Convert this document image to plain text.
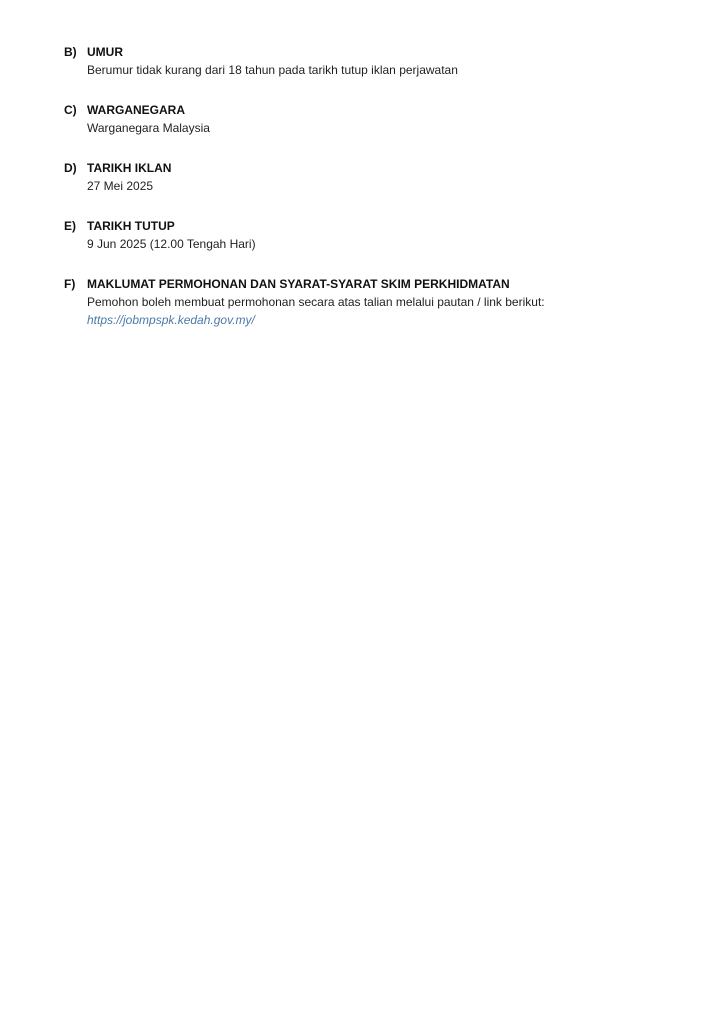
B) UMUR
Berumur tidak kurang dari 18 tahun pada tarikh tutup iklan perjawatan
C) WARGANEGARA
Warganegara Malaysia
D) TARIKH IKLAN
27 Mei 2025
E) TARIKH TUTUP
9 Jun 2025 (12.00 Tengah Hari)
F) MAKLUMAT PERMOHONAN DAN SYARAT-SYARAT SKIM PERKHIDMATAN
Pemohon boleh membuat permohonan secara atas talian melalui pautan / link berikut:
https://jobmpspk.kedah.gov.my/
